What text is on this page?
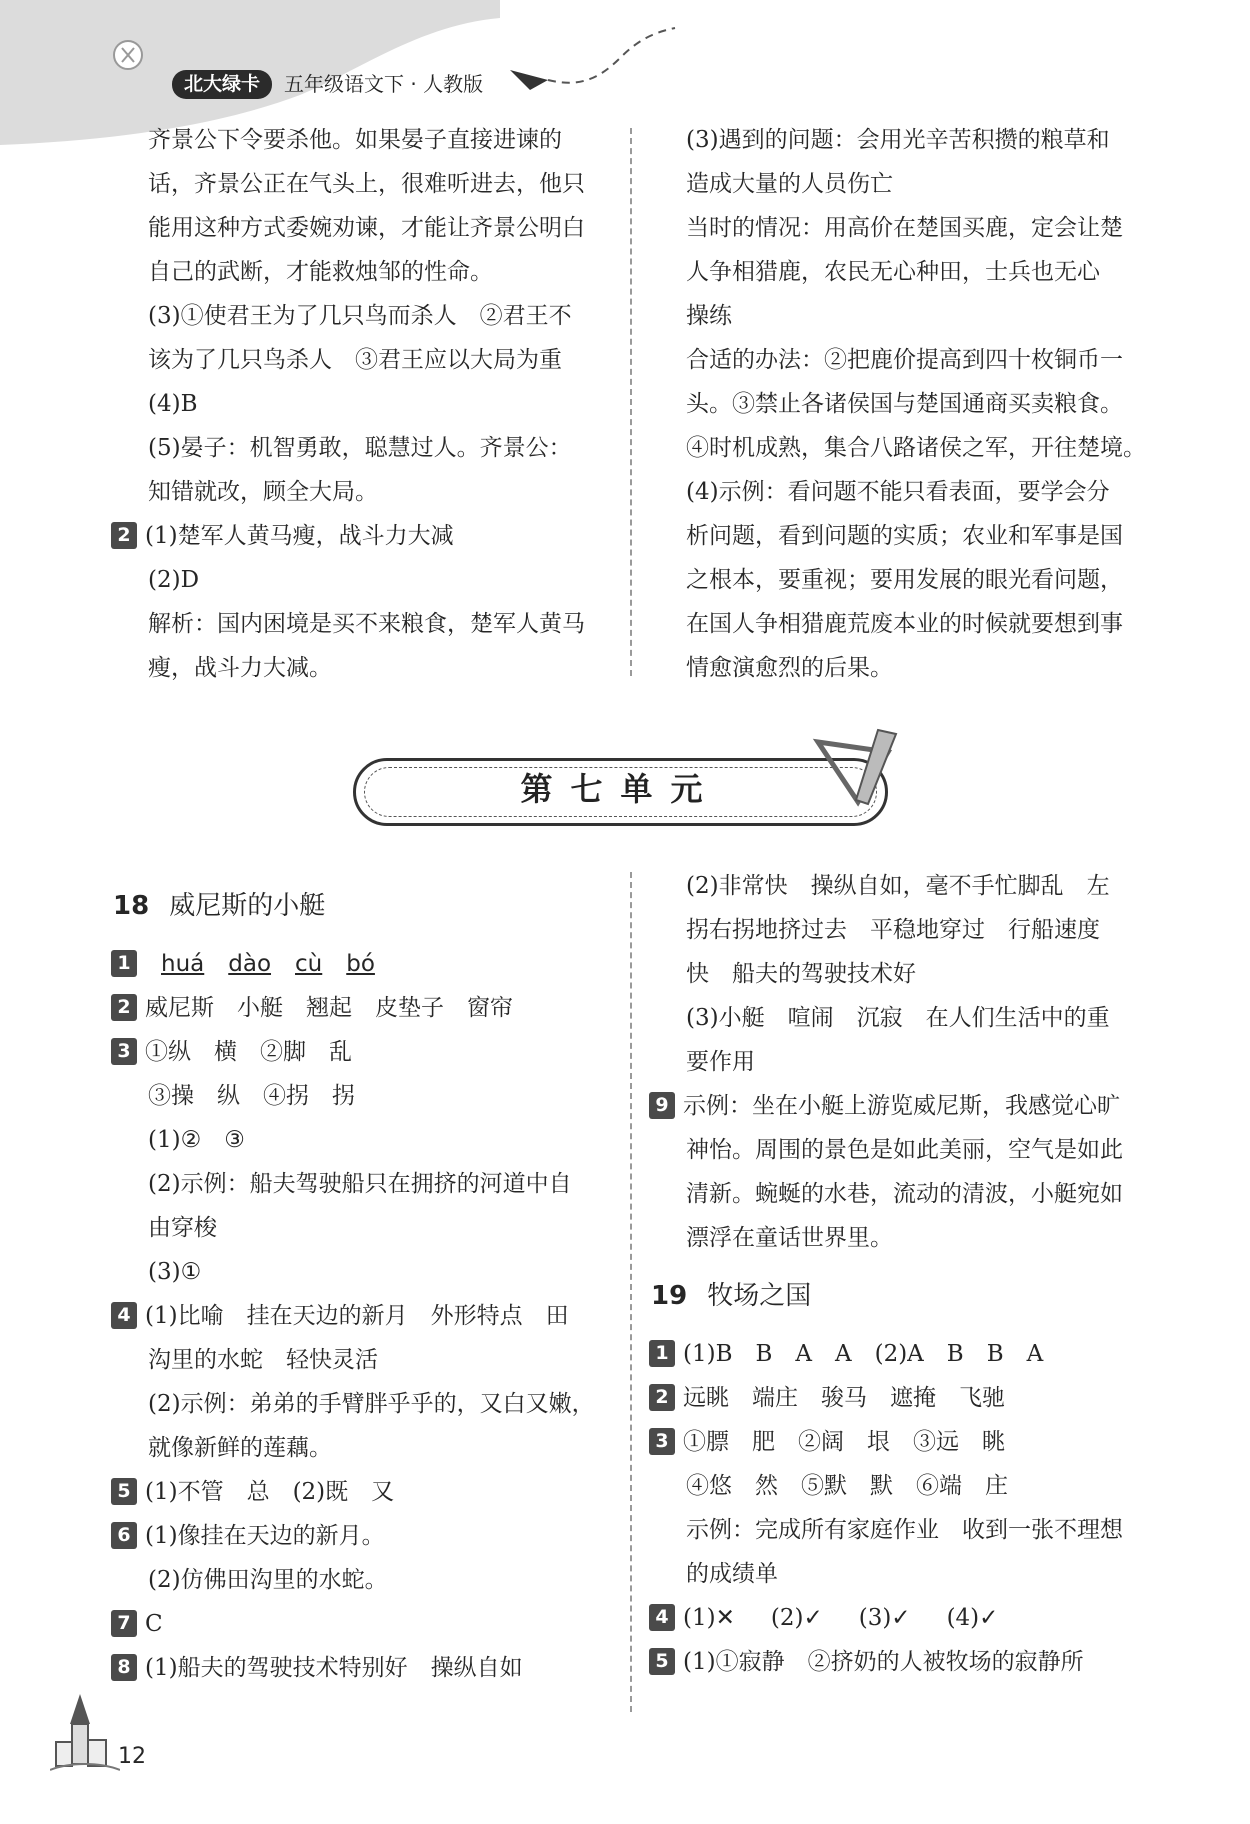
北大绿卡	五年级语文下 · 人教版

齐景公下令要杀他。如果晏子直接进谏的

话，齐景公正在气头上，很难听进去，他只

能用这种方式委婉劝谏，才能让齐景公明白

自己的武断，才能救烛邹的性命。

(3)①使君王为了几只鸟而杀人　②君王不

该为了几只鸟杀人　③君王应以大局为重

(4)B

(5)晏子：机智勇敢，聪慧过人。齐景公：

知错就改，顾全大局。

2 (1)楚军人黄马瘦，战斗力大减

(2)D

解析：国内困境是买不来粮食，楚军人黄马

瘦，战斗力大减。

(3)遇到的问题：会用光辛苦积攒的粮草和

造成大量的人员伤亡

当时的情况：用高价在楚国买鹿，定会让楚

人争相猎鹿，农民无心种田，士兵也无心

操练

合适的办法：②把鹿价提高到四十枚铜币一

头。③禁止各诸侯国与楚国通商买卖粮食。

④时机成熟，集合八路诸侯之军，开往楚境。

(4)示例：看问题不能只看表面，要学会分

析问题，看到问题的实质；农业和军事是国

之根本，要重视；要用发展的眼光看问题，

在国人争相猎鹿荒废本业的时候就要想到事

情愈演愈烈的后果。

第七单元

18 威尼斯的小艇

1 huá dào cù bó

2 威尼斯　小艇　翘起　皮垫子　窗帘

3 ①纵　横　②脚　乱

③操　纵　④拐　拐

(1)②　③

(2)示例：船夫驾驶船只在拥挤的河道中自

由穿梭

(3)①

4 (1)比喻　挂在天边的新月　外形特点　田

沟里的水蛇　轻快灵活

(2)示例：弟弟的手臂胖乎乎的，又白又嫩，

就像新鲜的莲藕。

5 (1)不管　总　(2)既　又

6 (1)像挂在天边的新月。

(2)仿佛田沟里的水蛇。

7 C

8 (1)船夫的驾驶技术特别好　操纵自如

(2)非常快　操纵自如，毫不手忙脚乱　左

拐右拐地挤过去　平稳地穿过　行船速度

快　船夫的驾驶技术好

(3)小艇　喧闹　沉寂　在人们生活中的重

要作用

9 示例：坐在小艇上游览威尼斯，我感觉心旷

神怡。周围的景色是如此美丽，空气是如此

清新。蜿蜒的水巷，流动的清波，小艇宛如

漂浮在童话世界里。

19 牧场之国

1 (1)B　B　A　A　(2)A　B　B　A

2 远眺　端庄　骏马　遮掩　飞驰

3 ①膘　肥　②阔　垠　③远　眺

④悠　然　⑤默　默　⑥端　庄

示例：完成所有家庭作业　收到一张不理想

的成绩单

4 (1)✕ (2)✓ (3)✓ (4)✓

5 (1)①寂静　②挤奶的人被牧场的寂静所

12
